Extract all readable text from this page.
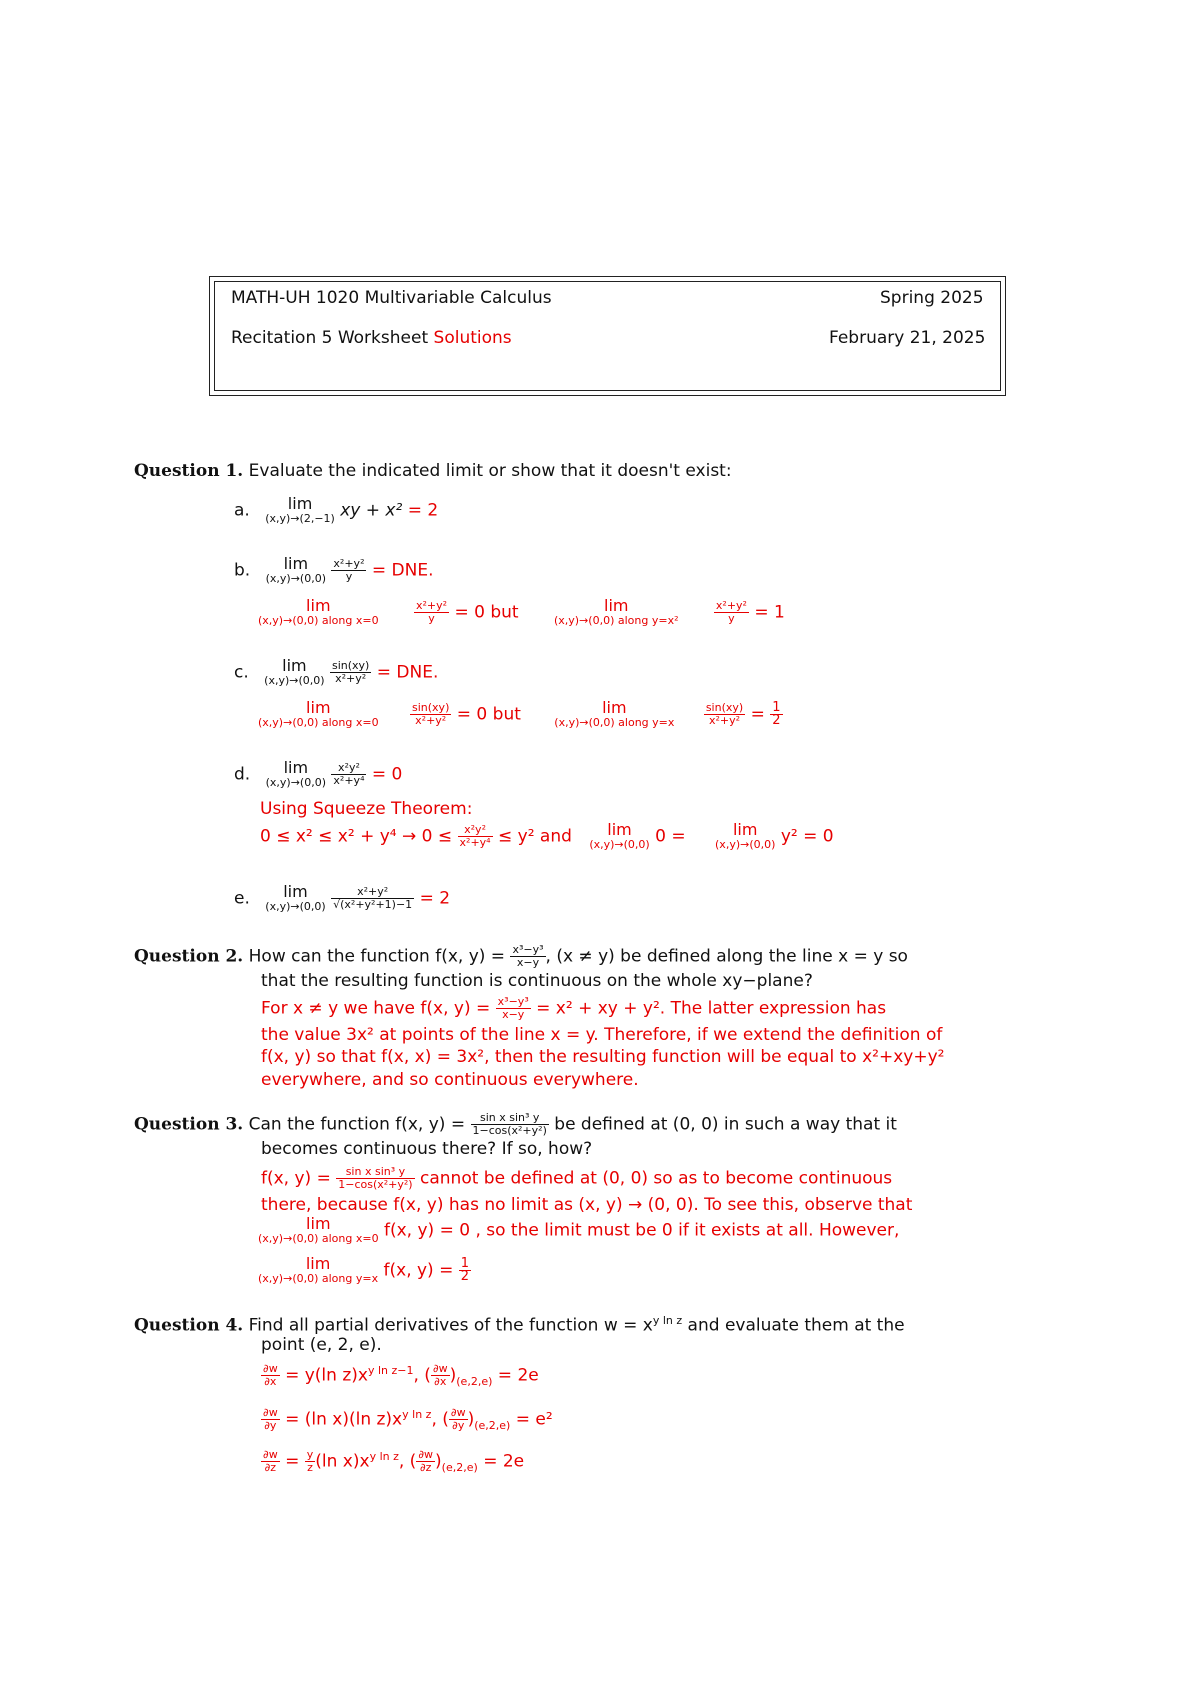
MATH-UH 1020 Multivariable Calculus	Spring 2025
Recitation 5 Worksheet Solutions	February 21, 2025
Question 1. Evaluate the indicated limit or show that it doesn't exist:
a.	lim
(x,y)→(2,−1) xy + x² = 2
b.	lim
(x,y)→(0,0)
$\frac{\text{x²+y²}}{y}$ = DNE.
lim
(x,y)→(0,0) along x=0
	$\frac{\text{x²+y²}}{y} = 0$ but	lim
(x,y)→(0,0) along y=x²
	$\frac{\text{x²+y²}}{y} = 1$
c.	lim
(x,y)→(0,0)
$\frac{\sin(xy)}{\text{x²+y²}}$ = DNE.
lim
(x,y)→(0,0) along x=0
	$\frac{\sin(xy)}{\text{x²+y²}} = 0$ but	lim
(x,y)→(0,0) along y=x
	$\frac{\sin(xy)}{\text{x²+y²}} = \frac{1}{2}$
d.	lim
(x,y)→(0,0)
$\frac{\text{x²y²}}{\text{x²+y⁴}} = 0$
Using Squeeze Theorem:
$0 \le x^2 \le x^2 + y^4 \to 0 \le \frac{\text{x²y²}}{\text{x²+y⁴}} \le y^2$ and	lim
(x,y)→(0,0) 0 =	lim
(x,y)→(0,0) y² = 0
e.	lim
(x,y)→(0,0)
$\frac{\text{x²+y²}}{\text{√(x²+y²+1)−1}} = 2$
Question 2. How can the function f(x, $y) = \frac{\text{x³−y³}}{x-y}$ , (x ≠ y) be defined along the line x = y so
that the resulting function is continuous on the whole xy−plane?
For x ≠ y we have f(x, $y) = \frac{\text{x³−y³}}{x-y} = x^2$ + xy + y². The latter expression has
the value 3x² at points of the line x = y. Therefore, if we extend the definition of
f(x, y) so that f(x, x) = 3x², then the resulting function will be equal to x²+xy+y²
everywhere, and so continuous everywhere.
Question 3. Can the function f(x, $y) = \frac{\text{sin x sin³ y}}{\text{1−cos(x²+y²)}}$ be defined at (0, 0) in such a way that it
becomes continuous there? If so, how?
f(x, $y) = \frac{\text{sin x sin³ y}}{\text{1−cos(x²+y²)}}$ cannot be defined at (0, 0) so as to become continuous
there, because f(x, y) has no limit as (x, y) → (0, 0). To see this, observe that
lim
(x,y)→(0,0) along x=0 f(x, y) = 0 , so the limit must be 0 if it exists at all. However,
lim
(x,y)→(0,0) along y=x f(x, $y) = \frac{1}{2}$
Question 4. Find all partial derivatives of the function $w = x^{y ln z}$ and evaluate them at the
point (e, 2, e).
$\frac{\partial w}{\partial x} = y(\ln$ $z)x^{y ln z-1}$, ( $\frac{\partial w}{\partial x} )_{(e,2,e)} = 2e$
$\frac{\partial w}{\partial y} = (\ln$ x)(ln $z)x^{y ln z}$, ( $\frac{\partial w}{\partial y} )_{(e,2,e)} = e^2$
$\frac{\partial w}{\partial z} = \frac{y}{z} (\ln$ $x)x^{y ln z}$, ( $\frac{\partial w}{\partial z} )_{(e,2,e)} = 2e$
